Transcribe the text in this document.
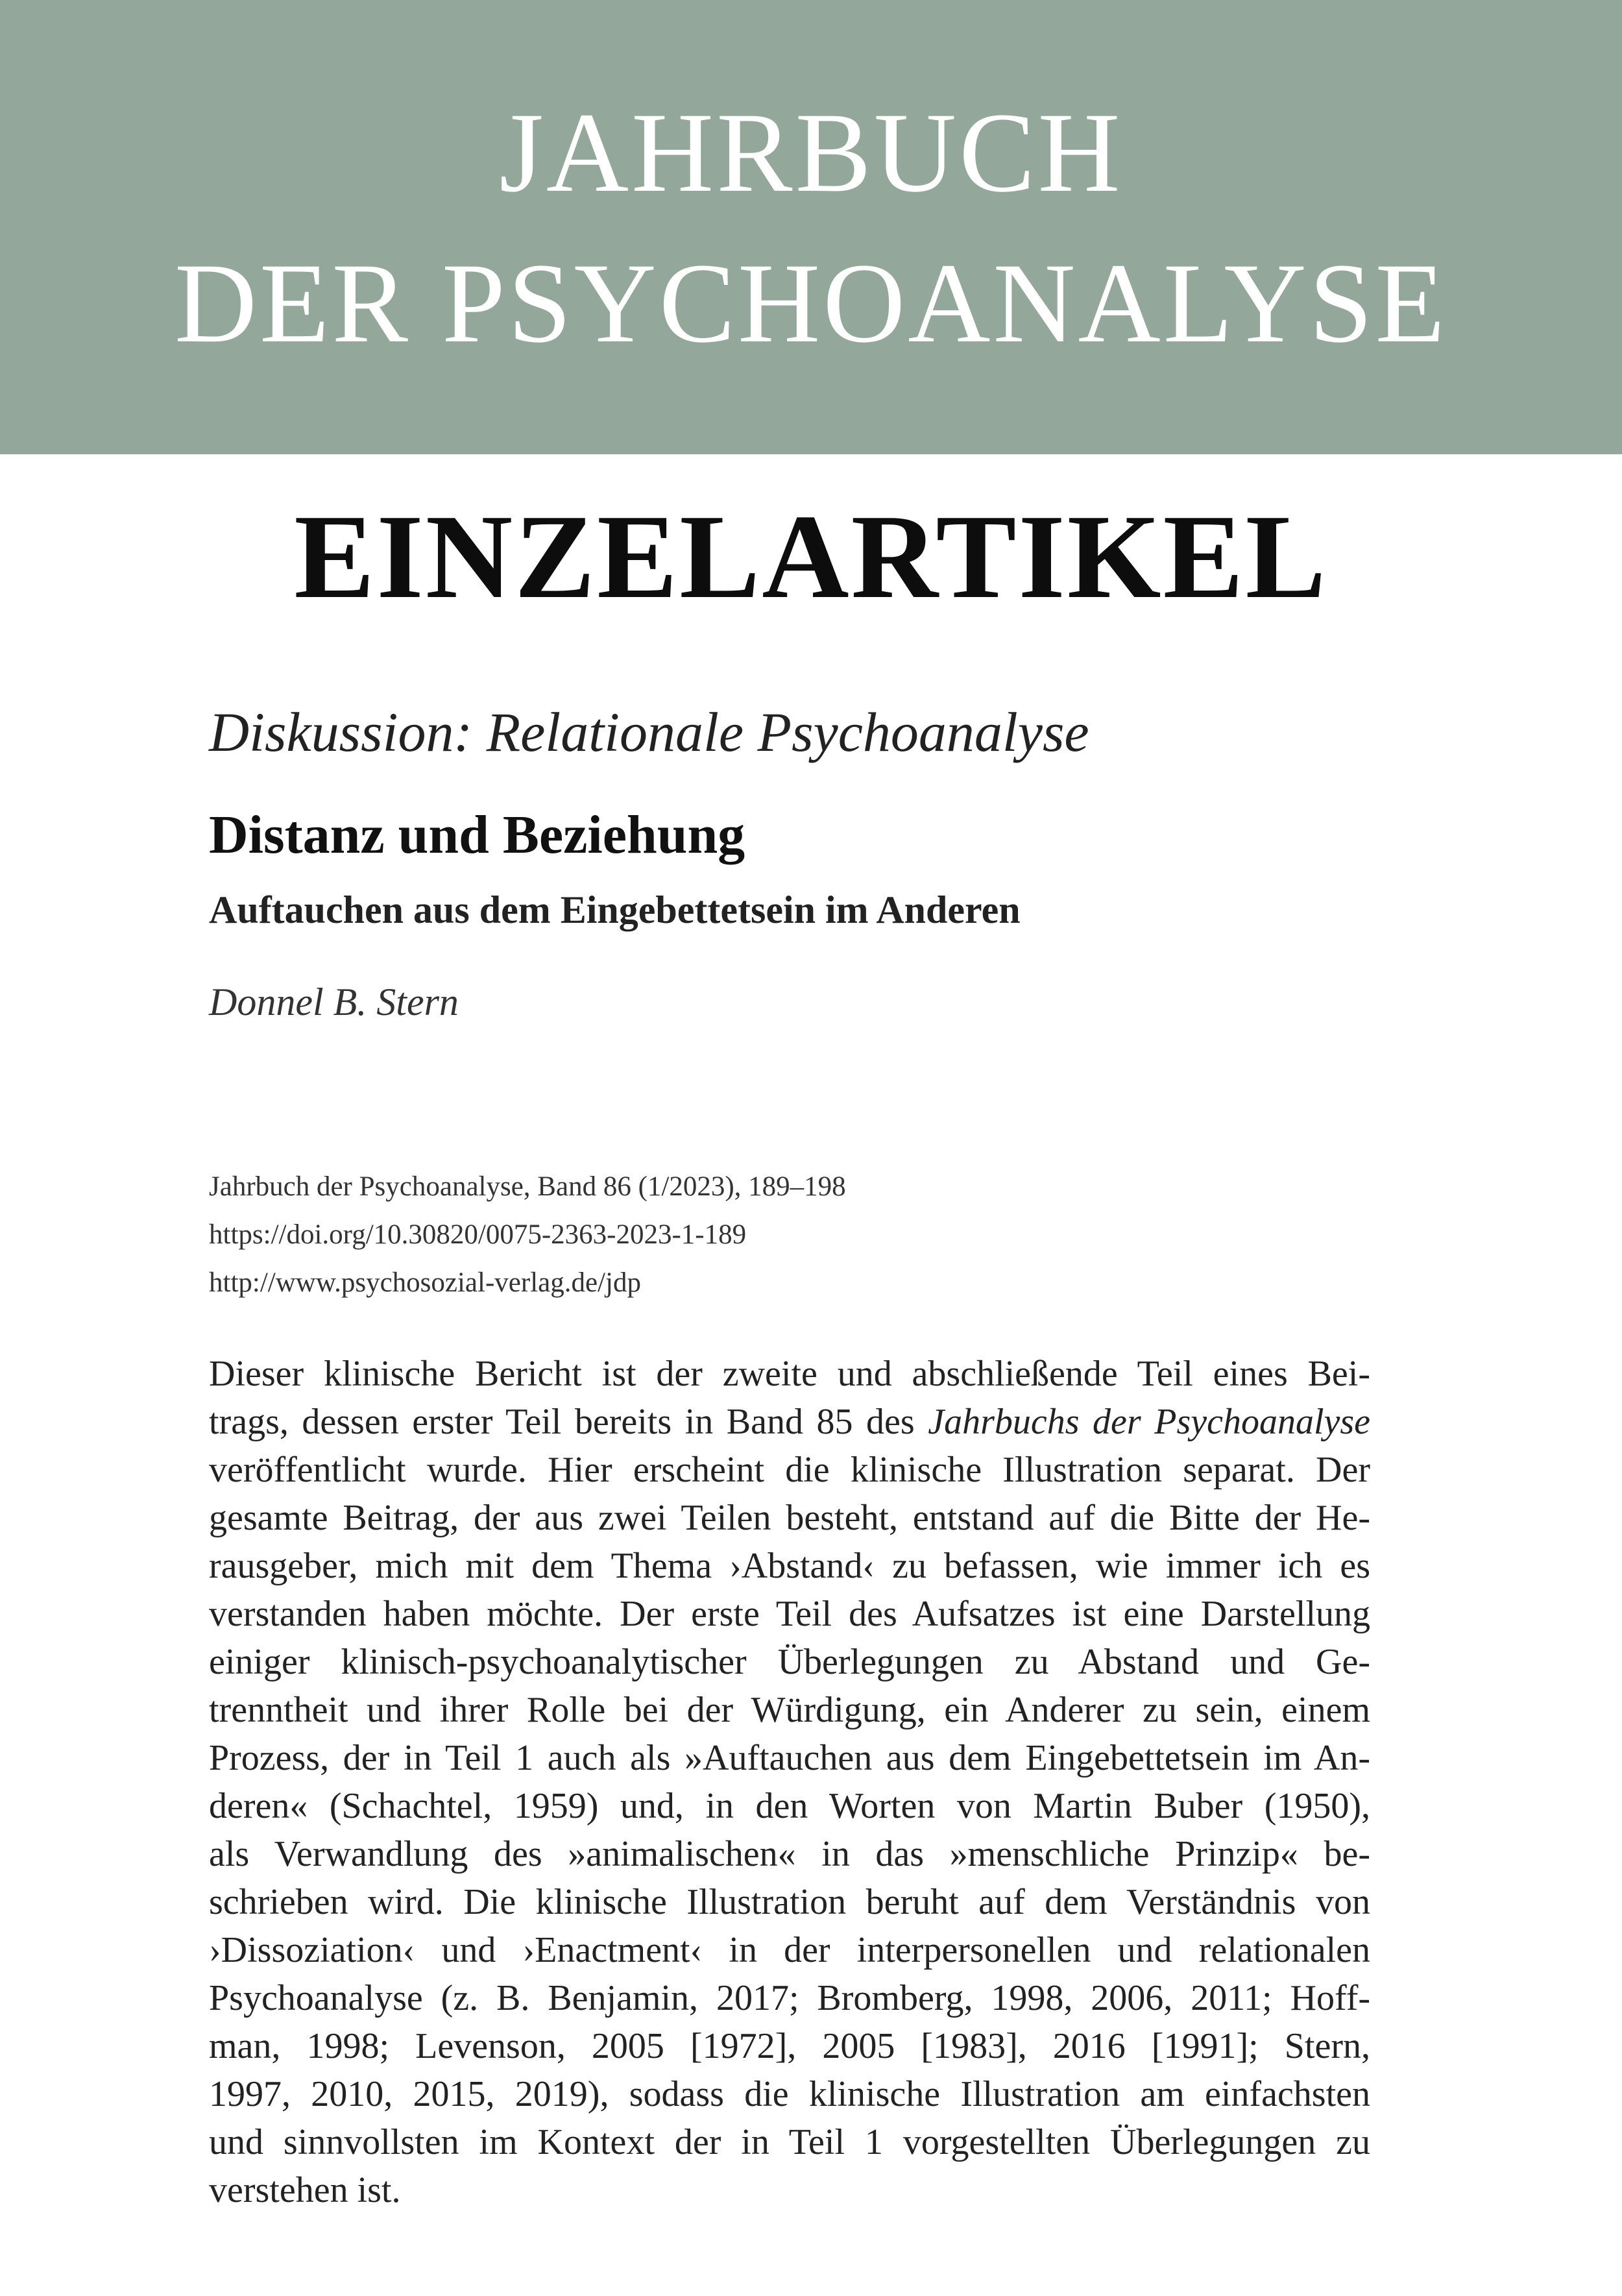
JAHRBUCH
DER PSYCHOANALYSE
EINZELARTIKEL
Diskussion: Relationale Psychoanalyse
Distanz und Beziehung
Auftauchen aus dem Eingebettetsein im Anderen
Donnel B. Stern
Jahrbuch der Psychoanalyse, Band 86 (1/2023), 189–198
https://doi.org/10.30820/0075-2363-2023-1-189
http://www.psychosozial-verlag.de/jdp
Dieser klinische Bericht ist der zweite und abschließende Teil eines Bei-
trags, dessen erster Teil bereits in Band 85 des Jahrbuchs der Psychoanalyse
veröffentlicht wurde. Hier erscheint die klinische Illustration separat. Der
gesamte Beitrag, der aus zwei Teilen besteht, entstand auf die Bitte der He-
rausgeber, mich mit dem Thema ›Abstand‹ zu befassen, wie immer ich es
verstanden haben möchte. Der erste Teil des Aufsatzes ist eine Darstellung
einiger klinisch-psychoanalytischer Überlegungen zu Abstand und Ge-
trenntheit und ihrer Rolle bei der Würdigung, ein Anderer zu sein, einem
Prozess, der in Teil 1 auch als »Auftauchen aus dem Eingebettetsein im An-
deren« (Schachtel, 1959) und, in den Worten von Martin Buber (1950),
als Verwandlung des »animalischen« in das »menschliche Prinzip« be-
schrieben wird. Die klinische Illustration beruht auf dem Verständnis von
›Dissoziation‹ und ›Enactment‹ in der interpersonellen und relationalen
Psychoanalyse (z. B. Benjamin, 2017; Bromberg, 1998, 2006, 2011; Hoff-
man, 1998; Levenson, 2005 [1972], 2005 [1983], 2016 [1991]; Stern,
1997, 2010, 2015, 2019), sodass die klinische Illustration am einfachsten
und sinnvollsten im Kontext der in Teil 1 vorgestellten Überlegungen zu
verstehen ist.
